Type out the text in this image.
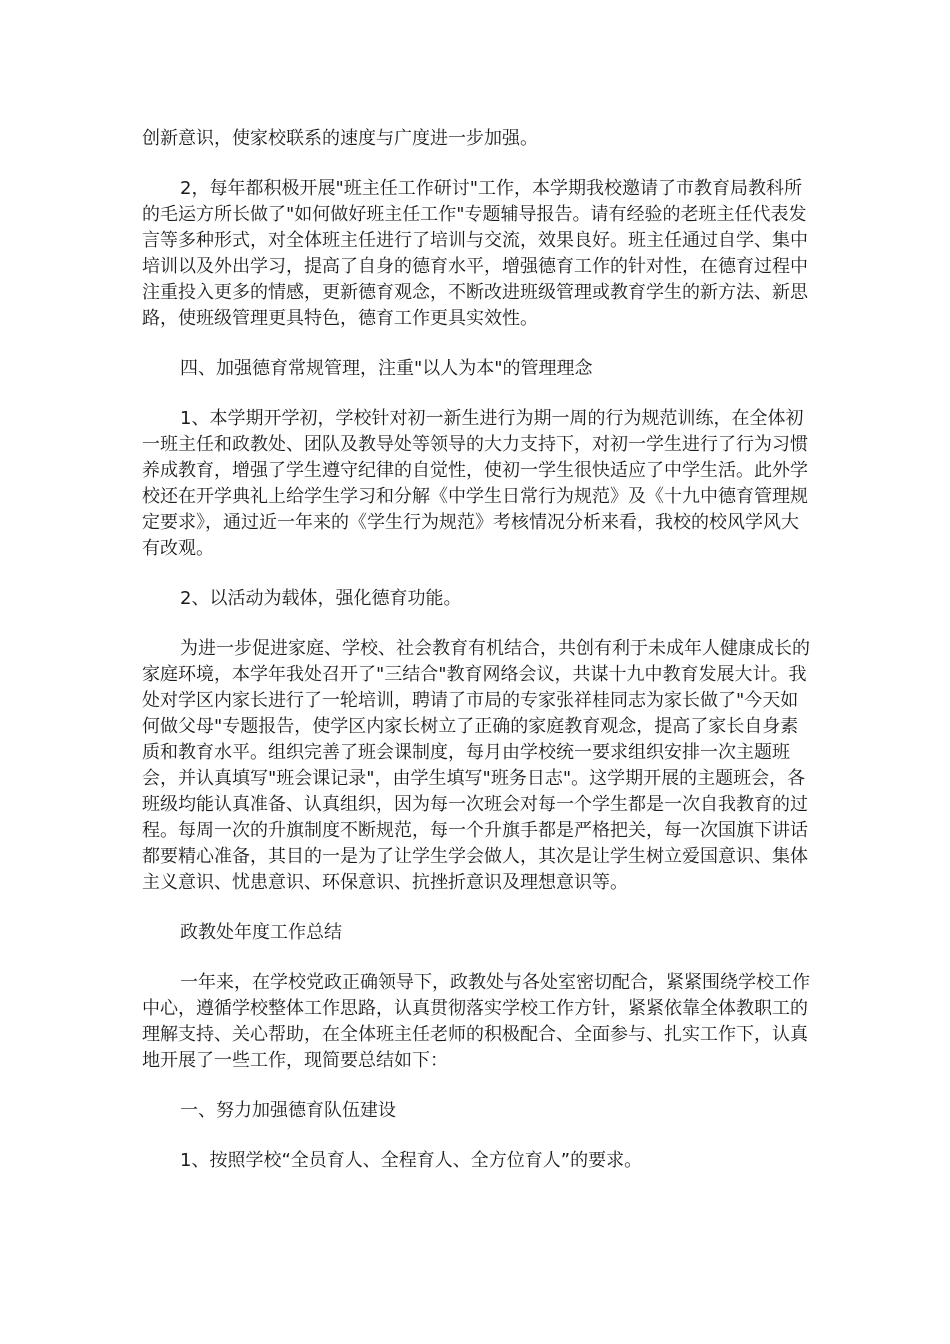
创新意识，使家校联系的速度与广度进一步加强。

2，每年都积极开展"班主任工作研讨"工作，本学期我校邀请了市教育局教科所的毛运方所长做了"如何做好班主任工作"专题辅导报告。请有经验的老班主任代表发言等多种形式，对全体班主任进行了培训与交流，效果良好。班主任通过自学、集中培训以及外出学习，提高了自身的德育水平，增强德育工作的针对性，在德育过程中注重投入更多的情感，更新德育观念，不断改进班级管理或教育学生的新方法、新思路，使班级管理更具特色，德育工作更具实效性。

四、加强德育常规管理，注重"以人为本"的管理理念

1、本学期开学初，学校针对初一新生进行为期一周的行为规范训练，在全体初一班主任和政教处、团队及教导处等领导的大力支持下，对初一学生进行了行为习惯养成教育，增强了学生遵守纪律的自觉性，使初一学生很快适应了中学生活。此外学校还在开学典礼上给学生学习和分解《中学生日常行为规范》及《十九中德育管理规定要求》，通过近一年来的《学生行为规范》考核情况分析来看，我校的校风学风大有改观。

2、以活动为载体，强化德育功能。

为进一步促进家庭、学校、社会教育有机结合，共创有利于未成年人健康成长的家庭环境，本学年我处召开了"三结合"教育网络会议，共谋十九中教育发展大计。我处对学区内家长进行了一轮培训，聘请了市局的专家张祥桂同志为家长做了"今天如何做父母"专题报告，使学区内家长树立了正确的家庭教育观念，提高了家长自身素质和教育水平。组织完善了班会课制度，每月由学校统一要求组织安排一次主题班会，并认真填写"班会课记录"，由学生填写"班务日志"。这学期开展的主题班会，各班级均能认真准备、认真组织，因为每一次班会对每一个学生都是一次自我教育的过程。每周一次的升旗制度不断规范，每一个升旗手都是严格把关，每一次国旗下讲话都要精心准备，其目的一是为了让学生学会做人，其次是让学生树立爱国意识、集体主义意识、忧患意识、环保意识、抗挫折意识及理想意识等。

政教处年度工作总结

一年来，在学校党政正确领导下，政教处与各处室密切配合，紧紧围绕学校工作中心，遵循学校整体工作思路，认真贯彻落实学校工作方针，紧紧依靠全体教职工的理解支持、关心帮助，在全体班主任老师的积极配合、全面参与、扎实工作下，认真地开展了一些工作，现简要总结如下：

一、努力加强德育队伍建设

1、按照学校“全员育人、全程育人、全方位育人”的要求。
